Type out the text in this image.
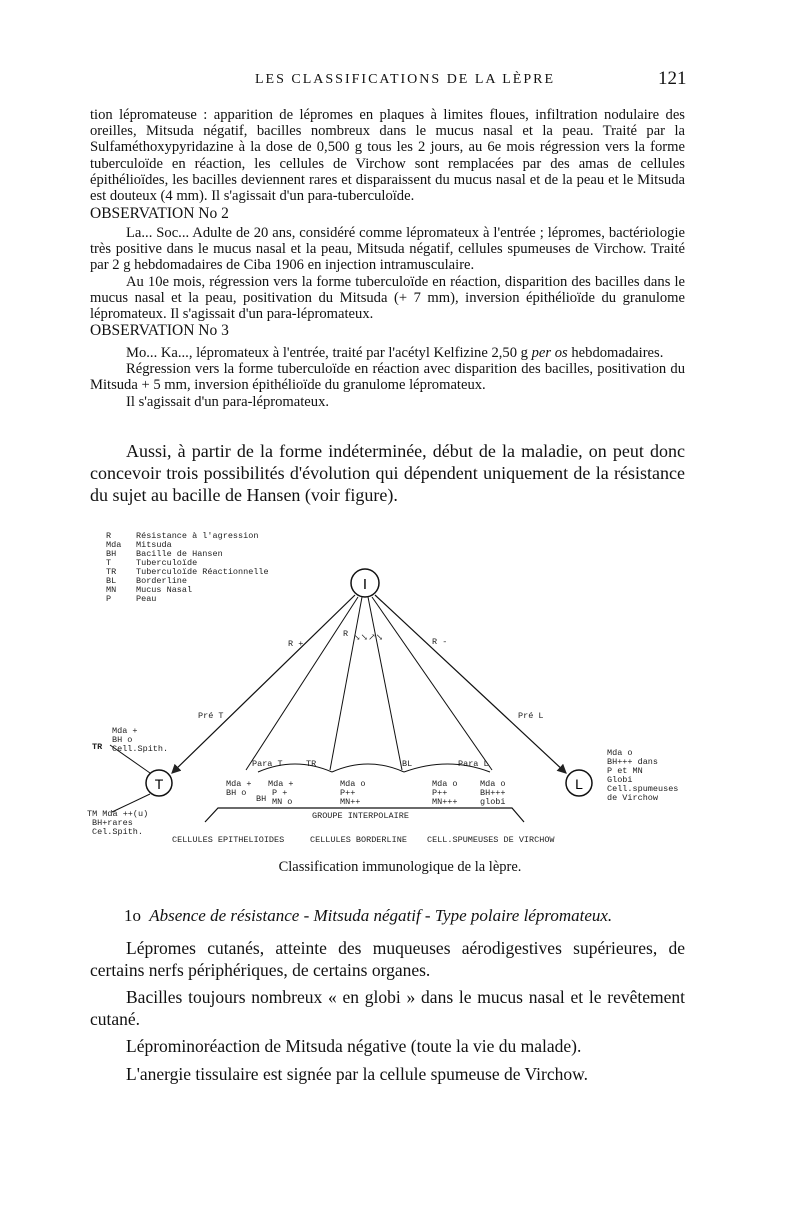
LES CLASSIFICATIONS DE LA LÈPRE	121

tion lépromateuse : apparition de lépromes en plaques à limites floues, infiltration nodulaire des oreilles, Mitsuda négatif, bacilles nombreux dans le mucus nasal et la peau. Traité par la Sulfaméthoxypyridazine à la dose de 0,500 g tous les 2 jours, au 6e mois régression vers la forme tuberculoïde en réaction, les cellules de Virchow sont remplacées par des amas de cellules épithélioïdes, les bacilles deviennent rares et disparaissent du mucus nasal et de la peau et le Mitsuda est douteux (4 mm). Il s'agissait d'un para-tuberculoïde.

OBSERVATION No 2

La... Soc... Adulte de 20 ans, considéré comme lépromateux à l'entrée ; lépromes, bactériologie très positive dans le mucus nasal et la peau, Mitsuda négatif, cellules spumeuses de Virchow. Traité par 2 g hebdomadaires de Ciba 1906 en injection intramusculaire.

Au 10e mois, régression vers la forme tuberculoïde en réaction, disparition des bacilles dans le mucus nasal et la peau, positivation du Mitsuda (+ 7 mm), inversion épithélioïde du granulome lépromateux. Il s'agissait d'un para-lépromateux.

OBSERVATION No 3

Mo... Ka..., lépromateux à l'entrée, traité par l'acétyl Kelfizine 2,50 g per os hebdomadaires.

Régression vers la forme tuberculoïde en réaction avec disparition des bacilles, positivation du Mitsuda + 5 mm, inversion épithélioïde du granulome lépromateux.

Il s'agissait d'un para-lépromateux.

Aussi, à partir de la forme indéterminée, début de la maladie, on peut donc concevoir trois possibilités d'évolution qui dépendent uniquement de la résistance du sujet au bacille de Hansen (voir figure).

R	Résistance à l'agression
Mda Mitsuda
BH Bacille de Hansen
T	Tuberculoïde
TR Tuberculoïde Réactionnelle
BL Borderline
MN Mucus Nasal
P	Peau
I
R +	R -
R ↘↘↗↘
Pré T	Pré L
T
TR
Mda +
BH o
Cell.Spith.
TM Mda ++(u)
BH+rares
Cel.Spith.
L
Mda o
BH+++ dans
P et MN
Globi
Cell.spumeuses
de Virchow
Para T	TR	BL	Para L
Mda +
BH o
Mda +
P +
MN o
BH
Mda o
P++
MN++
Mda o
P++
MN+++
Mda o
BH+++
globi
GROUPE INTERPOLAIRE
CELLULES EPITHELIOIDES	CELLULES BORDERLINE CELL.SPUMEUSES DE VIRCHOW
Classification immunologique de la lèpre.
1o Absence de résistance - Mitsuda négatif - Type polaire lépromateux.

Lépromes cutanés, atteinte des muqueuses aérodigestives supérieures, de certains nerfs périphériques, de certains organes.

Bacilles toujours nombreux « en globi » dans le mucus nasal et le revêtement cutané.

Léprominoréaction de Mitsuda négative (toute la vie du malade).

L'anergie tissulaire est signée par la cellule spumeuse de Virchow.
